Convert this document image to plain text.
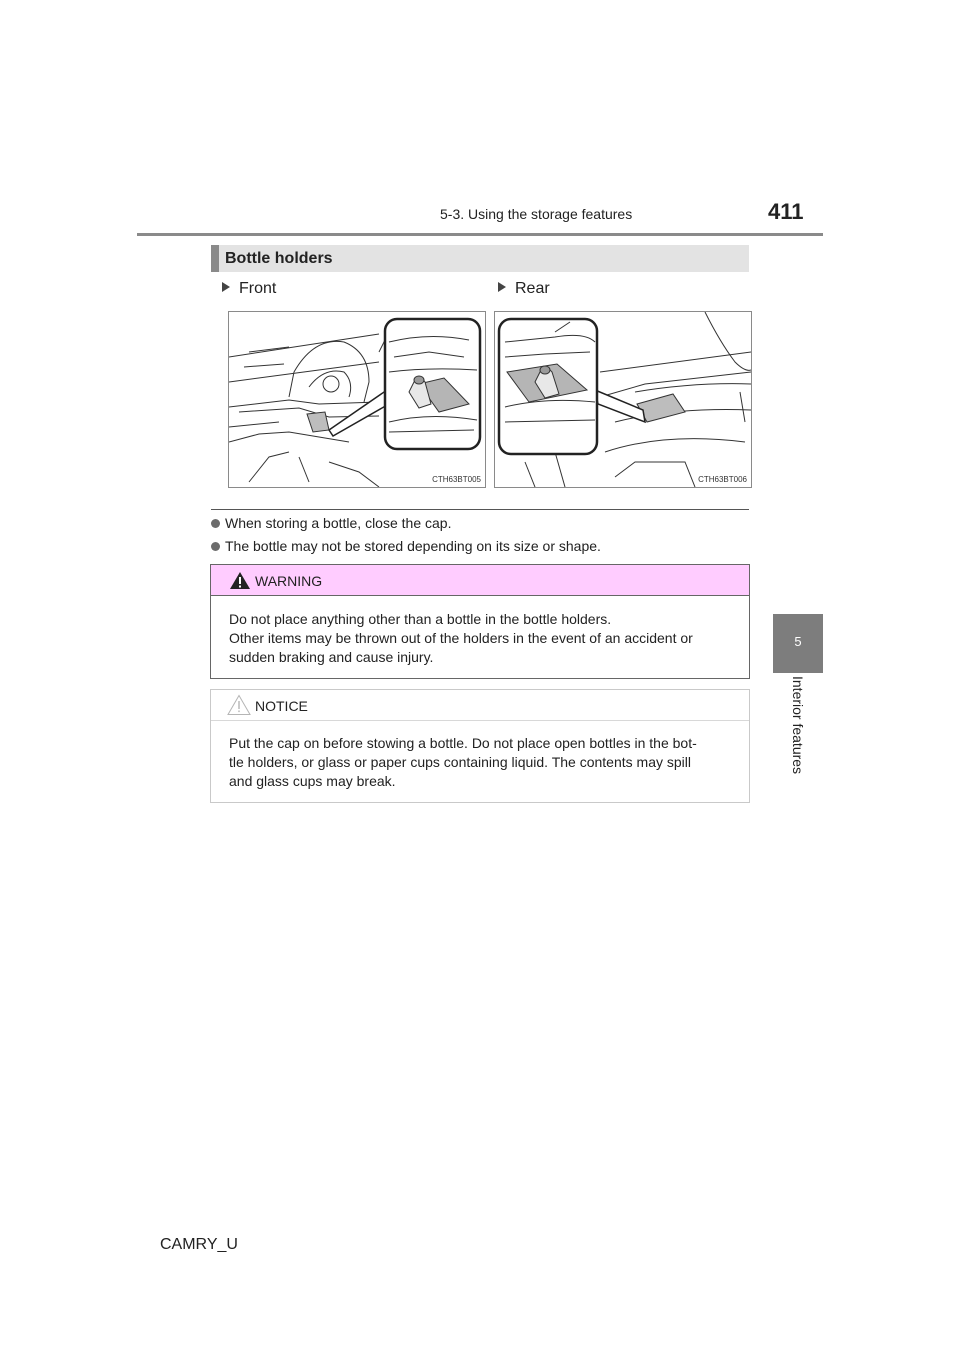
5-3. Using the storage features	411
5
Interior features
Bottle holders
Front	Rear
CTH63BT005	CTH63BT006
When storing a bottle, close the cap.
The bottle may not be stored depending on its size or shape.
WARNING
Do not place anything other than a bottle in the bottle holders.
Other items may be thrown out of the holders in the event of an accident or
sudden braking and cause injury.
NOTICE
Put the cap on before stowing a bottle. Do not place open bottles in the bot-
tle holders, or glass or paper cups containing liquid. The contents may spill
and glass cups may break.
CAMRY_U
